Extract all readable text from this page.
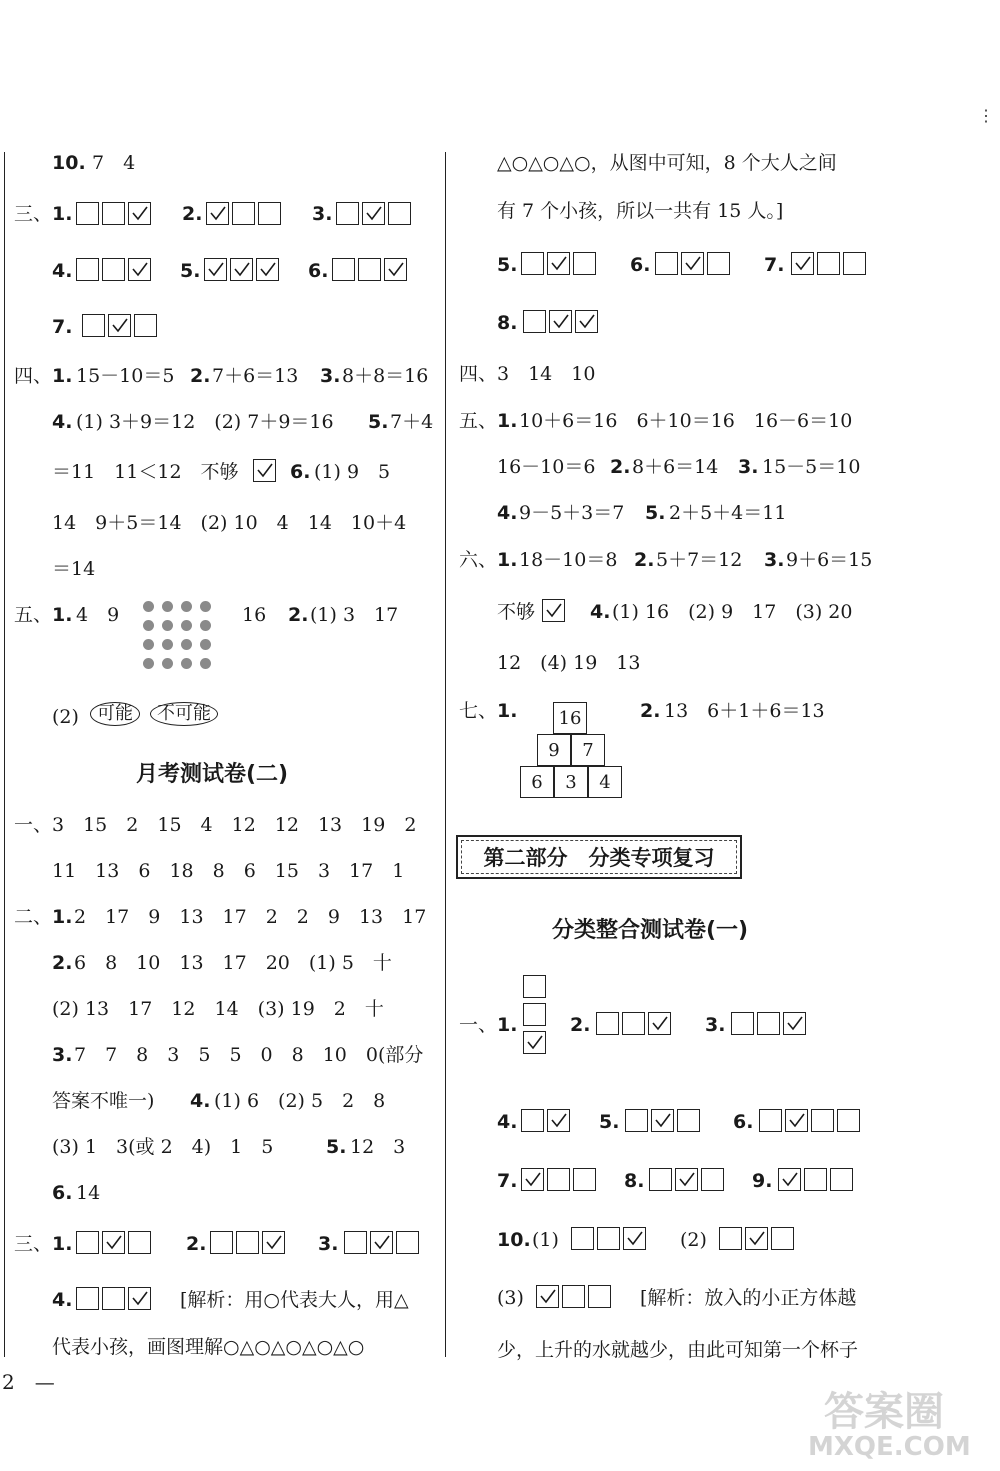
⋮
10. 7　4
三、 1.	2.	3.
4.	5.	6.
7.
四、 1. 15－10＝5 2. 7＋6＝13 3. 8＋8＝16
4. (1) 3＋9＝12　(2) 7＋9＝16 5. 7＋4
＝11　11＜12　不够	6. (1) 9　5
14　9＋5＝14　(2) 10　4　14　10＋4
＝14
五、 1. 4　9	16 2. (1) 3　17
(2)	可能 不可能
月考测试卷(二)
一、 3　15　2　15　4　12　12　13　19　2
11　13　6　18　8　6　15　3　17　1
二、 1. 2　17　9　13　17　2　2　9　13　17
2. 6　8　10　13　17　20　(1) 5　十
(2) 13　17　12　14　(3) 19　2　十
3. 7　7　8　3　5　5　0　8　10　0(部分
答案不唯一) 4. (1) 6　(2) 5　2　8
(3) 1　3(或 2　4)　1　5	5. 12　3
6. 14
三、 1.	2.	3.
4.	[解析：用○代表大人，用△
代表小孩，画图理解○△○△○△○△○
2　—
△○△○△○，从图中可知，8 个大人之间
有 7 个小孩，所以一共有 15 人。]
5.	6.	7.
8.
四、 3　14　10
五、 1. 10＋6＝16　6＋10＝16　16－6＝10
16－10＝6 2. 8＋6＝14 3. 15－5＝10
4. 9－5＋3＝7 5. 2＋5＋4＝11
六、 1. 18－10＝8 2. 5＋7＝12 3. 9＋6＝15
不够	4. (1) 16　(2) 9　17　(3) 20
12　(4) 19　13
七、 1.	16
9	7
6	3	4
2. 13　6＋1＋6＝13
第二部分　分类专项复习
分类整合测试卷(一)
一、 1.	2.	3.
4.	5.	6.
7.	8.	9.
10. (1)	(2)
(3)	[解析：放入的小正方体越
少，上升的水就越少，由此可知第一个杯子
答案圈
MXQE.COM
